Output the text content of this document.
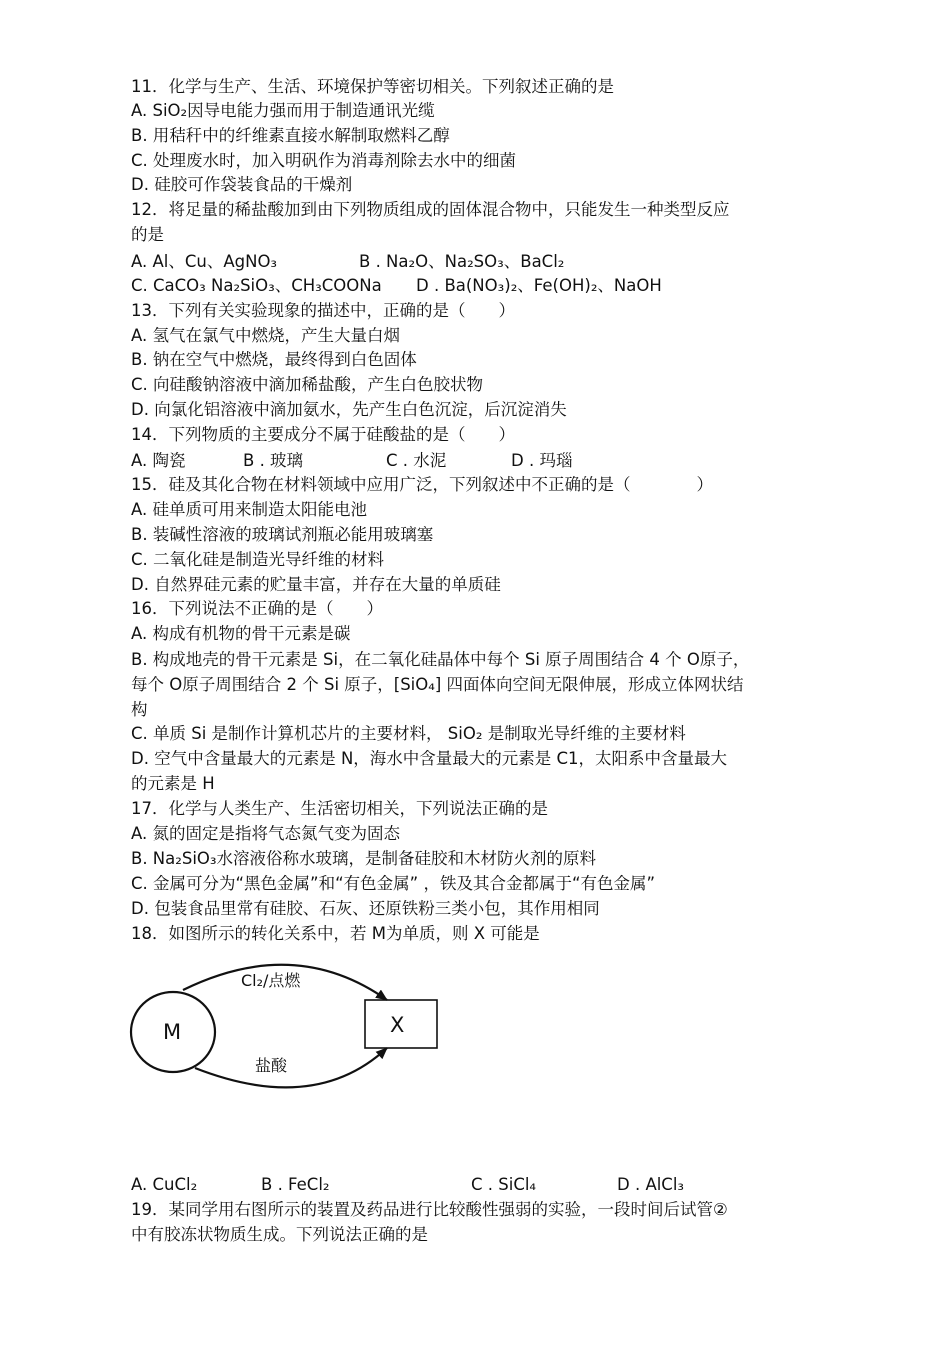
11．化学与生产、生活、环境保护等密切相关。下列叙述正确的是
A. SiO₂因导电能力强而用于制造通讯光缆
B. 用秸秆中的纤维素直接水解制取燃料乙醇
C. 处理废水时，加入明矾作为消毒剂除去水中的细菌
D. 硅胶可作袋装食品的干燥剂
12．将足量的稀盐酸加到由下列物质组成的固体混合物中，只能发生一种类型反应
的是
A. Al、Cu、AgNO₃	B . Na₂O、Na₂SO₃、BaCl₂
C. CaCO₃ Na₂SiO₃、CH₃COONa D . Ba(NO₃)₂、Fe(OH)₂、NaOH
13．下列有关实验现象的描述中，正确的是（　　）
A. 氢气在氯气中燃烧，产生大量白烟
B. 钠在空气中燃烧，最终得到白色固体
C. 向硅酸钠溶液中滴加稀盐酸，产生白色胶状物
D. 向氯化铝溶液中滴加氨水，先产生白色沉淀，后沉淀消失
14．下列物质的主要成分不属于硅酸盐的是（　　）
A. 陶瓷	B . 玻璃	C . 水泥	D . 玛瑙
15．硅及其化合物在材料领域中应用广泛，下列叙述中不正确的是（　　　　）
A. 硅单质可用来制造太阳能电池
B. 装碱性溶液的玻璃试剂瓶必能用玻璃塞
C. 二氧化硅是制造光导纤维的材料
D. 自然界硅元素的贮量丰富，并存在大量的单质硅
16．下列说法不正确的是（　　）
A. 构成有机物的骨干元素是碳
B. 构成地壳的骨干元素是 Si，在二氧化硅晶体中每个 Si 原子周围结合 4 个 O原子，
每个 O原子周围结合 2 个 Si 原子，[SiO₄] 四面体向空间无限伸展，形成立体网状结
构
C. 单质 Si 是制作计算机芯片的主要材料， SiO₂ 是制取光导纤维的主要材料
D. 空气中含量最大的元素是 N，海水中含量最大的元素是 C1，太阳系中含量最大
的元素是 H
17．化学与人类生产、生活密切相关，下列说法正确的是
A. 氮的固定是指将气态氮气变为固态
B. Na₂SiO₃水溶液俗称水玻璃，是制备硅胶和木材防火剂的原料
C. 金属可分为“黑色金属”和“有色金属” ，铁及其合金都属于“有色金属”
D. 包装食品里常有硅胶、石灰、还原铁粉三类小包，其作用相同
18．如图所示的转化关系中，若 M为单质，则 X 可能是
M	X
Cl₂/点燃
盐酸
A. CuCl₂	B . FeCl₂	C . SiCl₄	D . AlCl₃
19．某同学用右图所示的装置及药品进行比较酸性强弱的实验，一段时间后试管②
中有胶冻状物质生成。下列说法正确的是
